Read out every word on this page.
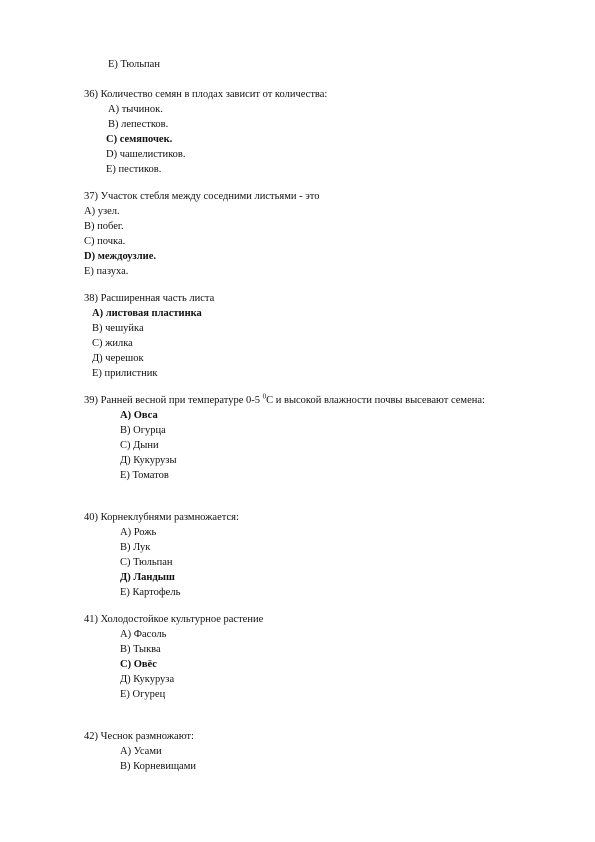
E) Тюльпан
36) Количество семян в плодах зависит от количества:
А) тычинок.
В) лепестков.
С) семяпочек.
D) чашелистиков.
Е) пестиков.
37) Участок стебля между соседними листьями - это
А) узел.
В) побег.
С) почка.
D) междоузлие.
Е) пазуха.
38) Расширенная часть листа
А) листовая пластинка
В) чешуйка
С) жилка
Д) черешок
Е) прилистник
39) Ранней весной при температуре 0-5 $^0$С и высокой влажности почвы высевают семена:
А) Овса
В) Огурца
С) Дыни
Д) Кукурузы
Е) Томатов
40) Корнеклубнями размножается:
А) Рожь
В) Лук
С) Тюльпан
Д) Ландыш
Е) Картофель
41) Холодостойкое культурное растение
А) Фасоль
В) Тыква
С) Овёс
Д) Кукуруза
Е) Огурец
42) Чеснок размножают:
А) Усами
В) Корневищами
